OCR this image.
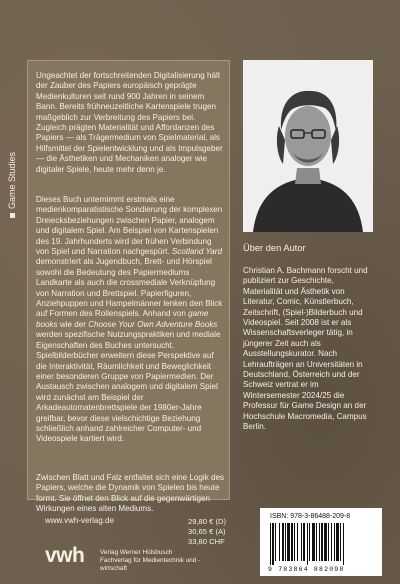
Game Studies
Ungeachtet der fortschreitenden Digitalisierung hält der Zauber des Papiers europäisch geprägte Medienkulturen seit rund 900 Jahren in seinem Bann. Bereits frühneuzeitliche Kartenspiele trugen maßgeblich zur Verbreitung des Papiers bei. Zugleich prägten Materialität und Affordanzen des Papiers — als Trägermedium von Spielmaterial, als Hilfsmittel der Spielentwicklung und als Impulsgeber — die Ästhetiken und Mechaniken analoger wie digitaler Spiele, heute mehr denn je.
Dieses Buch unternimmt erstmals eine medienkomparatistische Sondierung der komplexen Dreiecksbeziehungen zwischen Papier, analogem und digitalem Spiel. Am Beispiel von Kartenspielen des 19. Jahrhunderts wird der frühen Verbindung von Spiel und Narration nachgespürt. Scotland Yard demonstriert als Jugendbuch, Brett- und Hörspiel sowohl die Bedeutung des Papiermediums Landkarte als auch die crossmediale Verknüpfung von Narration und Brettspiel. Papierfiguren, Anziehpuppen und Hampelmänner lenken den Blick auf Formen des Rollenspiels. Anhand von game books wie der Choose Your Own Adventure Books werden spezifische Nutzungspraktiken und mediale Eigenschaften des Buches untersucht. Spielbilderbücher erweitern diese Perspektive auf die Interaktivität, Räumlichkeit und Beweglichkeit einer besonderen Gruppe von Papiermedien. Der Austausch zwischen analogem und digitalem Spiel wird zunächst am Beispiel der Arkadeautomatenbrettspiele der 1980er-Jahre greifbar, bevor diese vielschichtige Beziehung schließlich anhand zahlreicher Computer- und Videospiele kartiert wird.
Zwischen Blatt und Falz entfaltet sich eine Logik des Papiers, welche die Dynamik von Spielen bis heute formt. Sie öffnet den Blick auf die gegenwärtigen Wirkungen eines alten Mediums.
Über den Autor
Christian A. Bachmann forscht und publiziert zur Geschichte, Materialität und Ästhetik von Literatur, Comic, Künstlerbuch, Zeitschrift, (Spiel-)Bilderbuch und Videospiel. Seit 2008 ist er als Wissenschaftsverleger tätig, in jüngerer Zeit auch als Ausstellungskurator. Nach Lehraufträgen an Universitäten in Deutschland, Österreich und der Schweiz vertrat er im Wintersemester 2024/25 die Professur für Game Design an der Hochschule Macromedia, Campus Berlin.
www.vwh-verlag.de	29,80 € (D)
30,65 € (A)
33,80 CHF
vwh Verlag Werner Hülsbusch
Fachverlag für Medientechnik und -wirtschaft
ISBN: 978-3-86488-209-8
9 783864 882098
